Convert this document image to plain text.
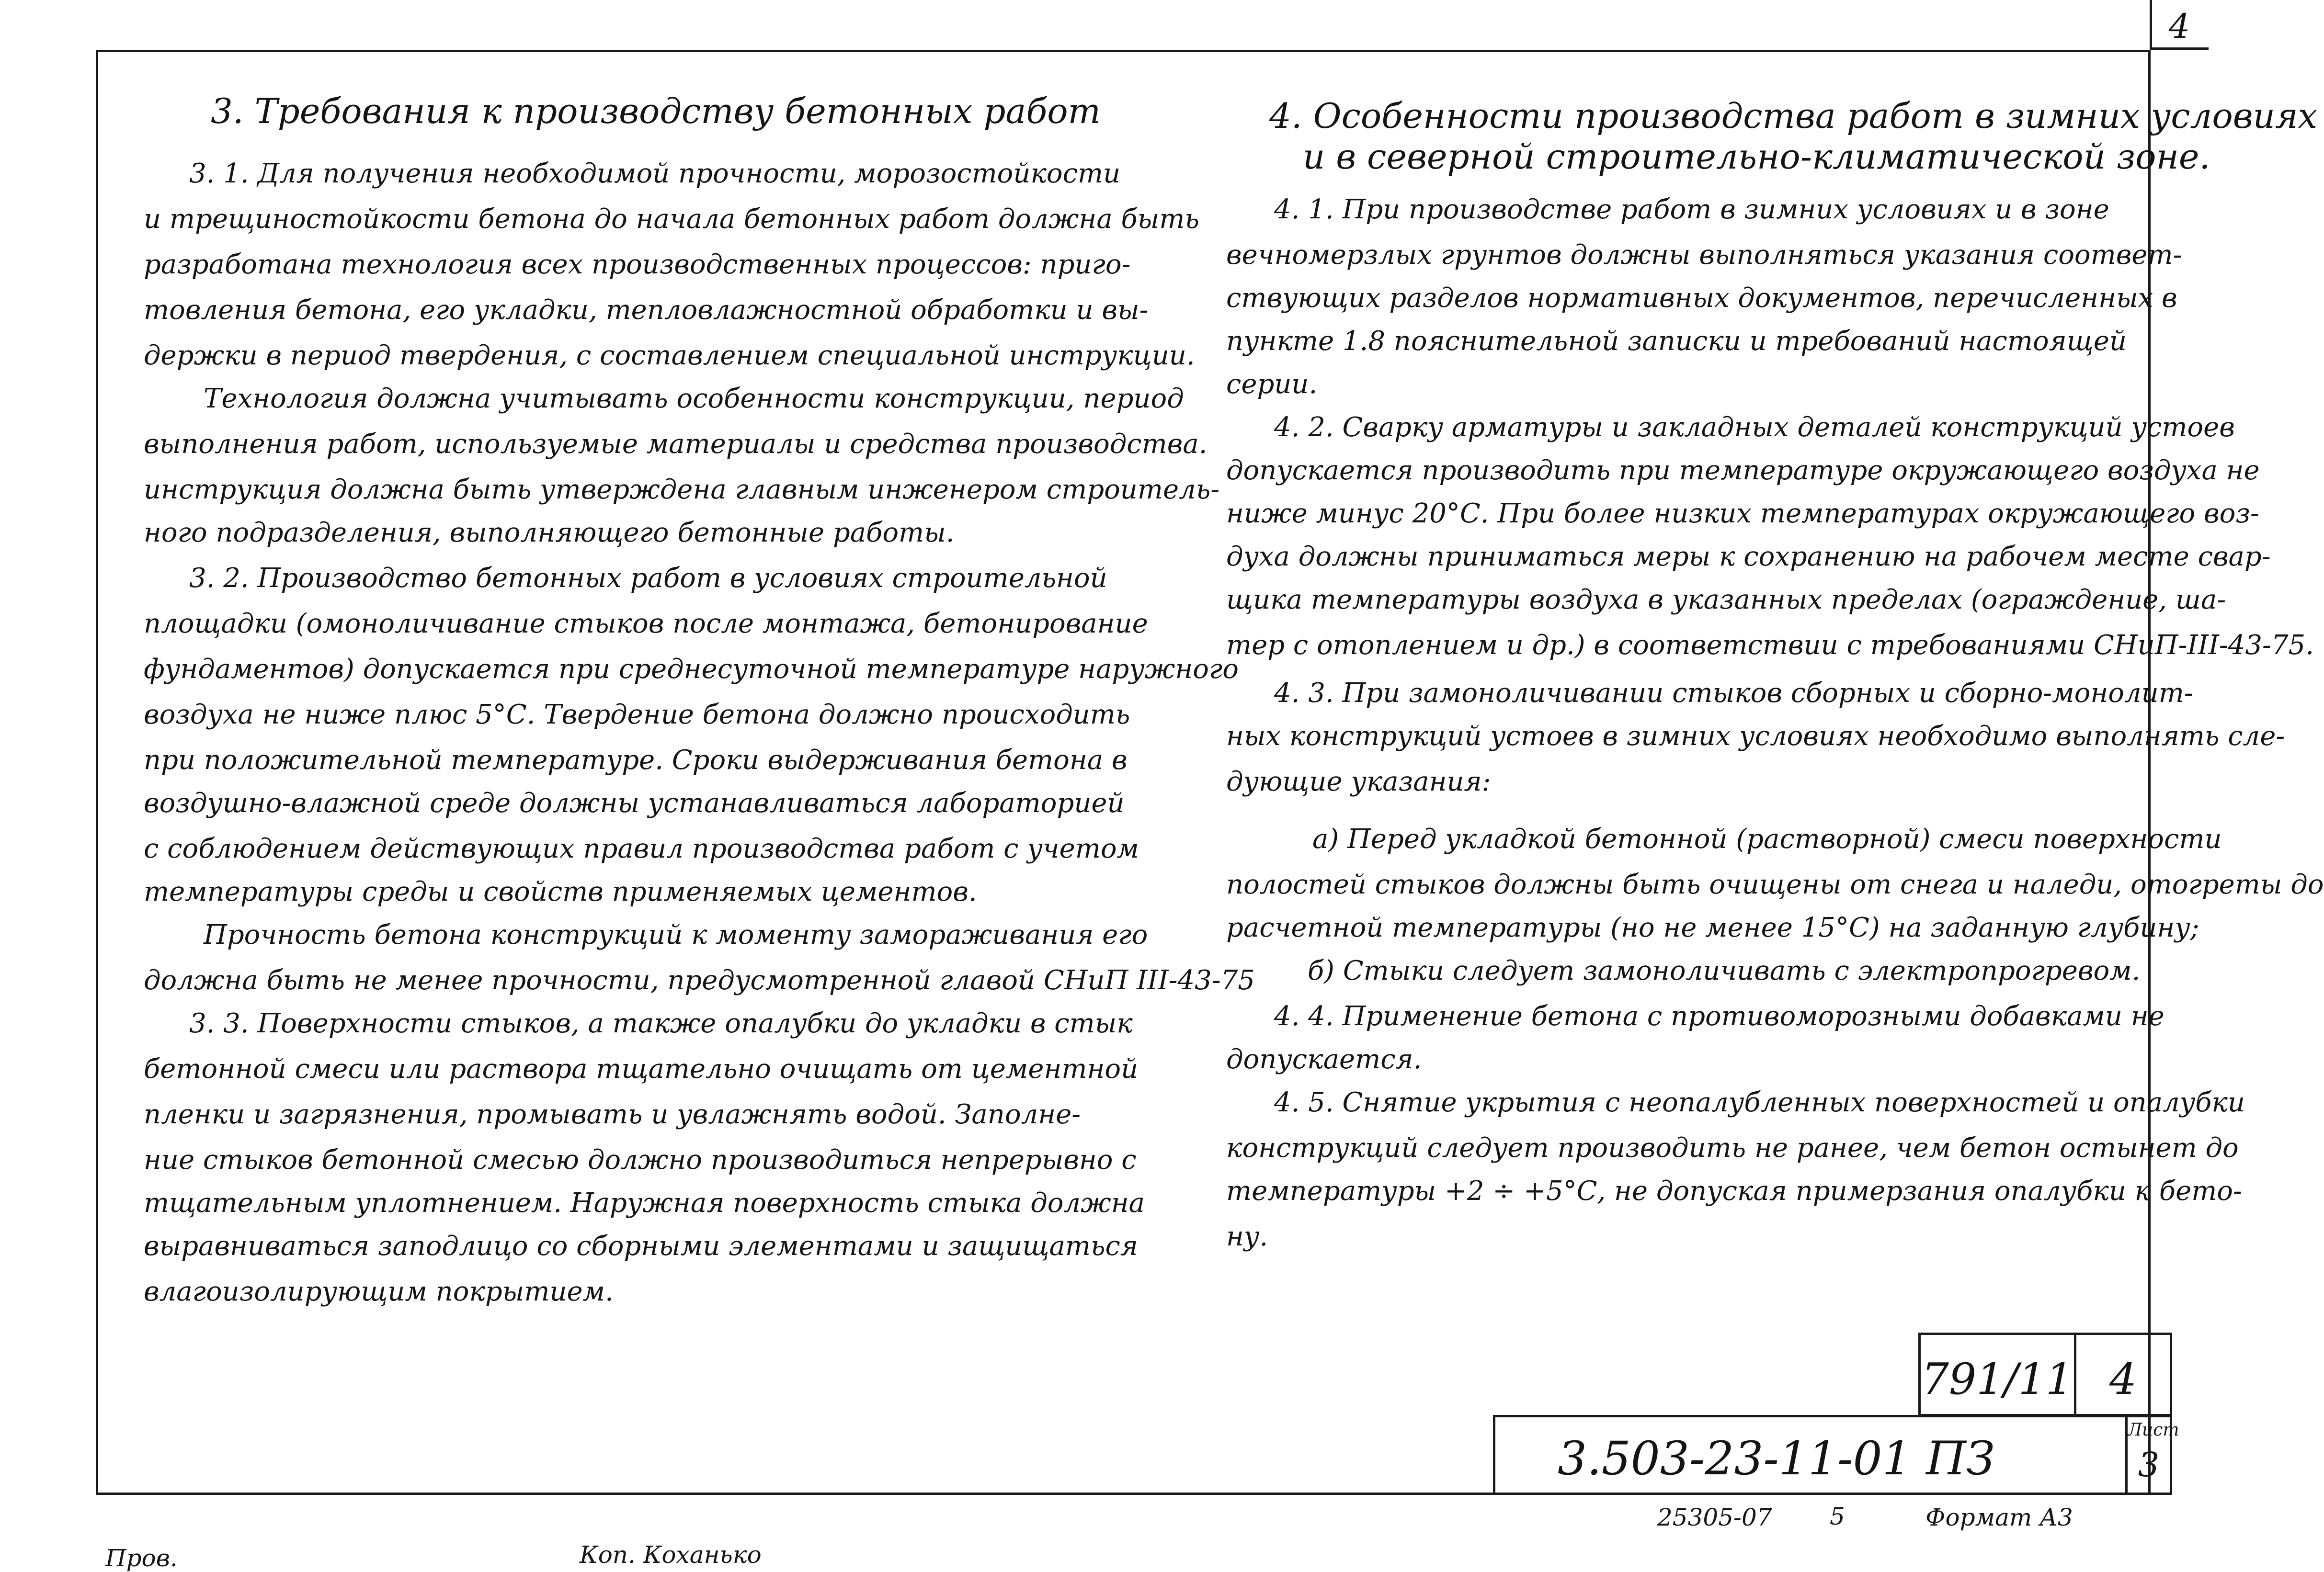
4
3. Требования к производству бетонных работ
3. 1. Для получения необходимой прочности, морозостойкости
и трещиностойкости бетона до начала бетонных работ должна быть
разработана технология всех производственных процессов: приго-
товления бетона, его укладки, тепловлажностной обработки и вы-
держки в период твердения, с составлением специальной инструкции.
Технология должна учитывать особенности конструкции, период
выполнения работ, используемые материалы и средства производства.
инструкция должна быть утверждена главным инженером строитель-
ного подразделения, выполняющего бетонные работы.
3. 2. Производство бетонных работ в условиях строительной
площадки (омоноличивание стыков после монтажа, бетонирование
фундаментов) допускается при среднесуточной температуре наружного
воздуха не ниже плюс 5°С. Твердение бетона должно происходить
при положительной температуре. Сроки выдерживания бетона в
воздушно-влажной среде должны устанавливаться лабораторией
с соблюдением действующих правил производства работ с учетом
температуры среды и свойств применяемых цементов.
Прочность бетона конструкций к моменту замораживания его
должна быть не менее прочности, предусмотренной главой СНиП III-43-75
3. 3. Поверхности стыков, а также опалубки до укладки в стык
бетонной смеси или раствора тщательно очищать от цементной
пленки и загрязнения, промывать и увлажнять водой. Заполне-
ние стыков бетонной смесью должно производиться непрерывно с
тщательным уплотнением. Наружная поверхность стыка должна
выравниваться заподлицо со сборными элементами и защищаться
влагоизолирующим покрытием.
4. Особенности производства работ в зимних условиях
и в северной строительно-климатической зоне.
4. 1. При производстве работ в зимних условиях и в зоне
вечномерзлых грунтов должны выполняться указания соответ-
ствующих разделов нормативных документов, перечисленных в
пункте 1.8 пояснительной записки и требований настоящей
серии.
4. 2. Сварку арматуры и закладных деталей конструкций устоев
допускается производить при температуре окружающего воздуха не
ниже минус 20°С. При более низких температурах окружающего воз-
духа должны приниматься меры к сохранению на рабочем месте свар-
щика температуры воздуха в указанных пределах (ограждение, ша-
тер с отоплением и др.) в соответствии с требованиями СНиП-III-43-75.
4. 3. При замоноличивании стыков сборных и сборно-монолит-
ных конструкций устоев в зимних условиях необходимо выполнять сле-
дующие указания:
а) Перед укладкой бетонной (растворной) смеси поверхности
полостей стыков должны быть очищены от снега и наледи, отогреты до
расчетной температуры (но не менее 15°С) на заданную глубину;
б) Стыки следует замоноличивать с электропрогревом.
4. 4. Применение бетона с противоморозными добавками не
допускается.
4. 5. Снятие укрытия с неопалубленных поверхностей и опалубки
конструкций следует производить не ранее, чем бетон остынет до
температуры +2 ÷ +5°С, не допуская примерзания опалубки к бето-
ну.
791/11 4
3.503-23-11-01 ПЗ
Лист
3
25305-07 5	Формат А3
Пров.	Коп. Коханько
